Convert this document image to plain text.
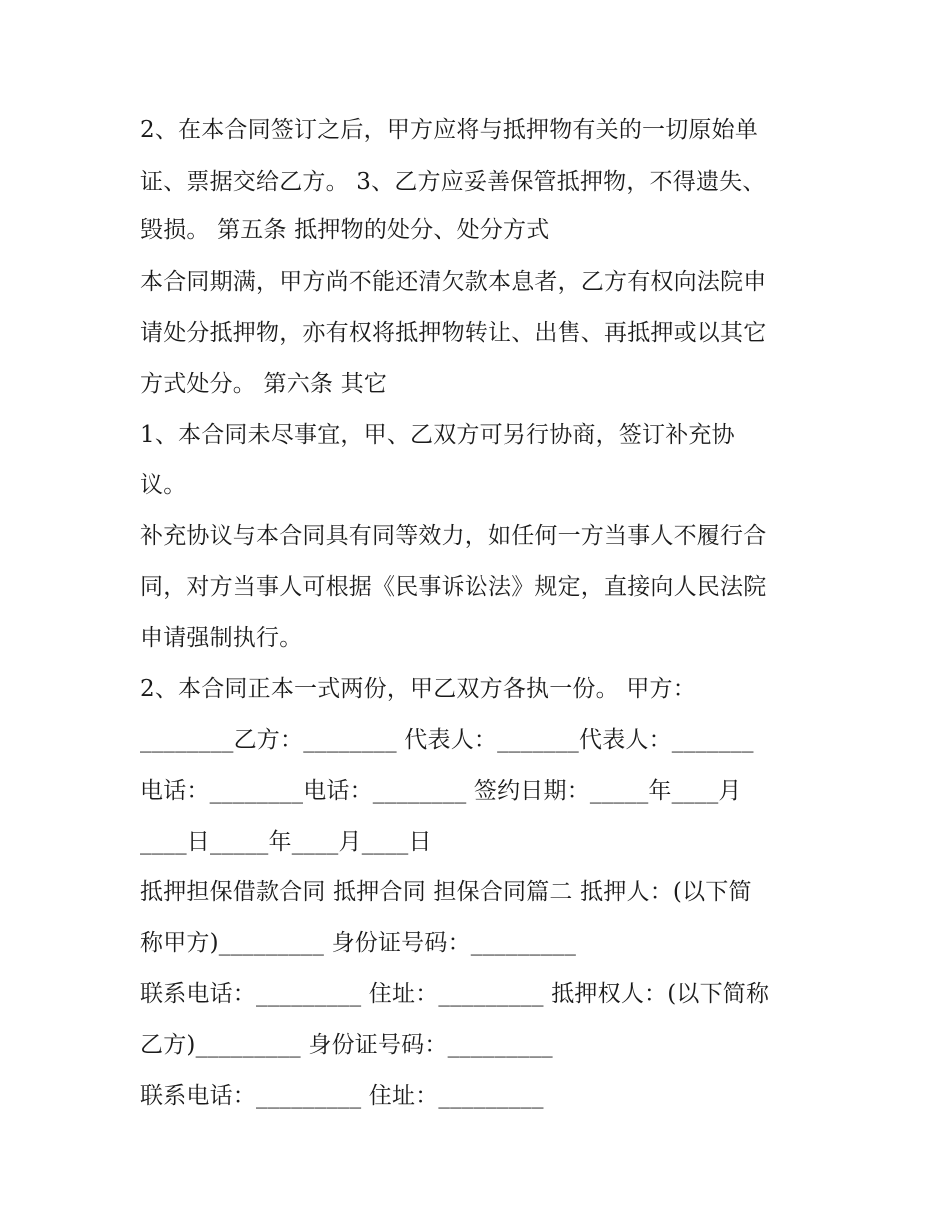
2、在本合同签订之后，甲方应将与抵押物有关的一切原始单

证、票据交给乙方。 3、乙方应妥善保管抵押物，不得遗失、

毁损。 第五条 抵押物的处分、处分方式

本合同期满，甲方尚不能还清欠款本息者，乙方有权向法院申

请处分抵押物，亦有权将抵押物转让、出售、再抵押或以其它

方式处分。 第六条 其它

1、本合同未尽事宜，甲、乙双方可另行协商，签订补充协

议。

补充协议与本合同具有同等效力，如任何一方当事人不履行合

同，对方当事人可根据《民事诉讼法》规定，直接向人民法院

申请强制执行。

2、本合同正本一式两份，甲乙双方各执一份。 甲方：

________乙方：________ 代表人：_______代表人：_______

电话：________电话：________ 签约日期：_____年____月

____日_____年____月____日

抵押担保借款合同 抵押合同 担保合同篇二 抵押人：(以下简

称甲方)_________ 身份证号码：_________

联系电话：_________ 住址：_________ 抵押权人：(以下简称

乙方)_________ 身份证号码：_________

联系电话：_________ 住址：_________
